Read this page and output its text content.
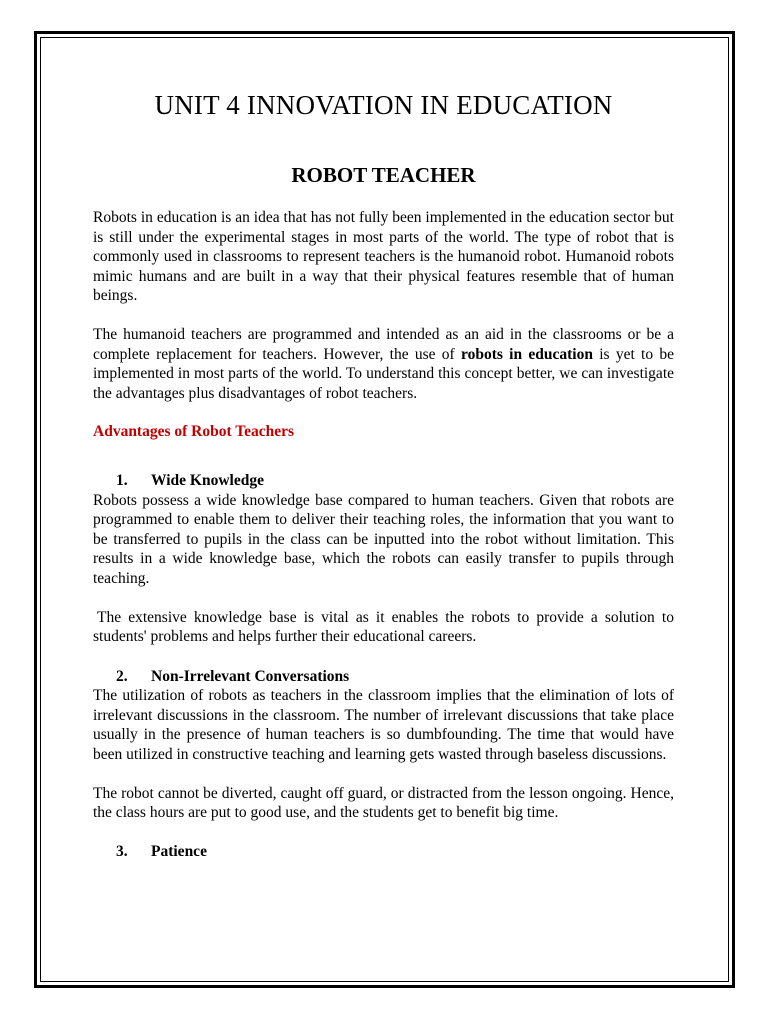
UNIT 4 INNOVATION IN EDUCATION
ROBOT TEACHER

Robots in education is an idea that has not fully been implemented in the education sector but is still under the experimental stages in most parts of the world. The type of robot that is commonly used in classrooms to represent teachers is the humanoid robot. Humanoid robots mimic humans and are built in a way that their physical features resemble that of human beings.

The humanoid teachers are programmed and intended as an aid in the classrooms or be a complete replacement for teachers. However, the use of robots in education is yet to be implemented in most parts of the world. To understand this concept better, we can investigate the advantages plus disadvantages of robot teachers.

Advantages of Robot Teachers
1.	Wide Knowledge

Robots possess a wide knowledge base compared to human teachers. Given that robots are programmed to enable them to deliver their teaching roles, the information that you want to be transferred to pupils in the class can be inputted into the robot without limitation. This results in a wide knowledge base, which the robots can easily transfer to pupils through teaching.

The extensive knowledge base is vital as it enables the robots to provide a solution to students' problems and helps further their educational careers.

2.	Non-Irrelevant Conversations

The utilization of robots as teachers in the classroom implies that the elimination of lots of irrelevant discussions in the classroom. The number of irrelevant discussions that take place usually in the presence of human teachers is so dumbfounding. The time that would have been utilized in constructive teaching and learning gets wasted through baseless discussions.

The robot cannot be diverted, caught off guard, or distracted from the lesson ongoing. Hence, the class hours are put to good use, and the students get to benefit big time.

3.	Patience
